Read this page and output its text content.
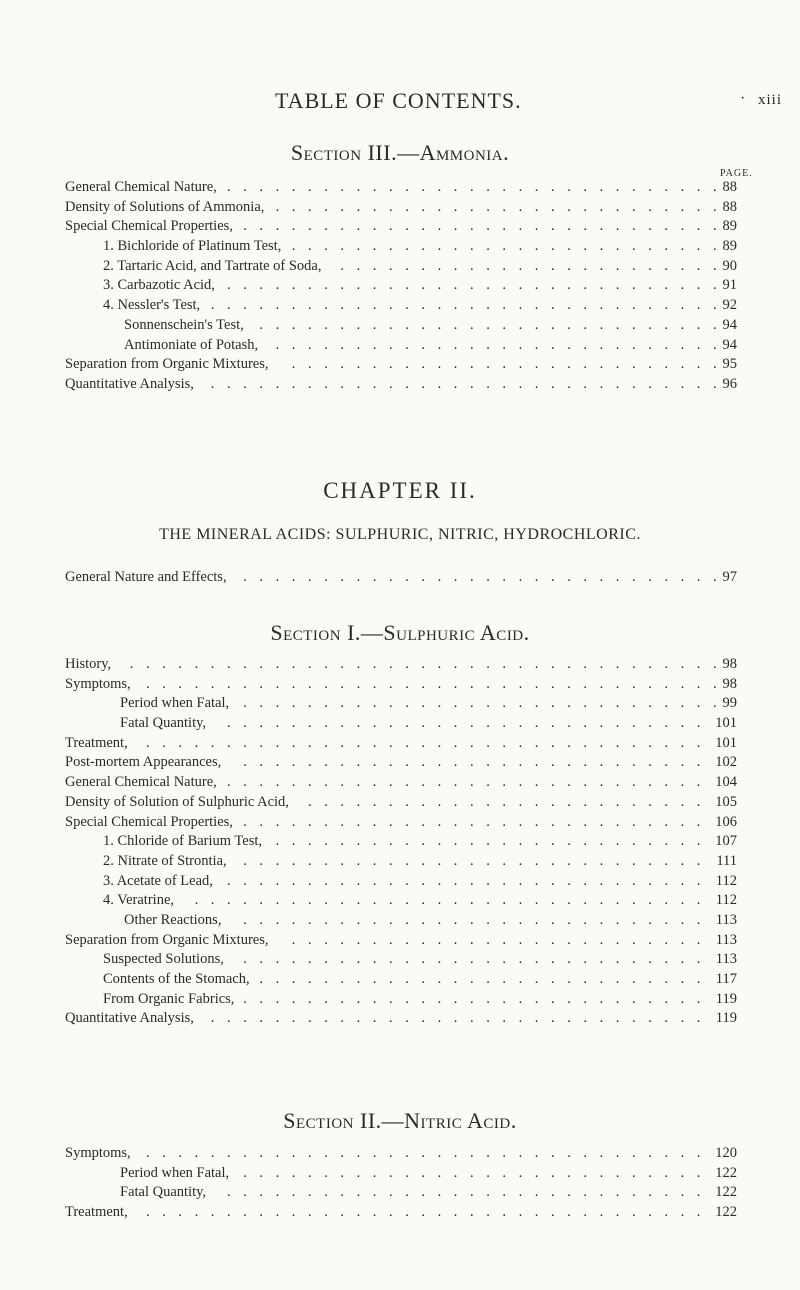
TABLE OF CONTENTS.	· xiii
Section III.—Ammonia.
PAGE.
. . . . . . . . . . . . . . . . . . . . . . . . . . . . . . .
General Chemical Nature,	88
. . . . . . . . . . . . . . . . . . . . . . . . . . . .
Density of Solutions of Ammonia,	88
. . . . . . . . . . . . . . . . . . . . . . . . . . . . . .
Special Chemical Properties,	89
. . . . . . . . . . . . . . . . . . . . . . . . . . .
1. Bichloride of Platinum Test,	89
. . . . . . . . . . . . . . . . . . . . . . . .
2. Tartaric Acid, and Tartrate of Soda,	90
. . . . . . . . . . . . . . . . . . . . . . . . . . . . . . .
3. Carbazotic Acid,	91
. . . . . . . . . . . . . . . . . . . . . . . . . . . . . . . .
4. Nessler's Test,	92
. . . . . . . . . . . . . . . . . . . . . . . . . . . . .
Sonnenschein's Test,	94
. . . . . . . . . . . . . . . . . . . . . . . . . . . .
Antimoniate of Potash,	94
. . . . . . . . . . . . . . . . . . . . . . . . . . .
Separation from Organic Mixtures,	95
. . . . . . . . . . . . . . . . . . . . . . . . . . . . . . . .
Quantitative Analysis,	96
CHAPTER II.
THE MINERAL ACIDS: SULPHURIC, NITRIC, HYDROCHLORIC.
. . . . . . . . . . . . . . . . . . . . . . . . . . . . . .
General Nature and Effects,	97
Section I.—Sulphuric Acid.
. . . . . . . . . . . . . . . . . . . . . . . . . . . . . . . . . . . . .
History,	98
. . . . . . . . . . . . . . . . . . . . . . . . . . . . . . . . . . . .
Symptoms,	98
. . . . . . . . . . . . . . . . . . . . . . . . . . . . . .
Period when Fatal,	99
. . . . . . . . . . . . . . . . . . . . . . . . . . . . . .
Fatal Quantity,	101
. . . . . . . . . . . . . . . . . . . . . . . . . . . . . . . . . . .
Treatment,	101
. . . . . . . . . . . . . . . . . . . . . . . . . . . . .
Post-mortem Appearances,	102
. . . . . . . . . . . . . . . . . . . . . . . . . . . . . .
General Chemical Nature,	104
. . . . . . . . . . . . . . . . . . . . . . . . .
Density of Solution of Sulphuric Acid,	105
. . . . . . . . . . . . . . . . . . . . . . . . . . . . .
Special Chemical Properties,	106
. . . . . . . . . . . . . . . . . . . . . . . . . . .
1. Chloride of Barium Test,	107
. . . . . . . . . . . . . . . . . . . . . . . . . . . . .
2. Nitrate of Strontia,	111
. . . . . . . . . . . . . . . . . . . . . . . . . . . . . .
3. Acetate of Lead,	112
. . . . . . . . . . . . . . . . . . . . . . . . . . . . . . . .
4. Veratrine,	112
. . . . . . . . . . . . . . . . . . . . . . . . . . . . .
Other Reactions,	113
. . . . . . . . . . . . . . . . . . . . . . . . . .
Separation from Organic Mixtures,	113
. . . . . . . . . . . . . . . . . . . . . . . . . . . . .
Suspected Solutions,	113
. . . . . . . . . . . . . . . . . . . . . . . . . . . .
Contents of the Stomach,	117
. . . . . . . . . . . . . . . . . . . . . . . . . . . . .
From Organic Fabrics,	119
. . . . . . . . . . . . . . . . . . . . . . . . . . . . . . .
Quantitative Analysis,	119
Section II.—Nitric Acid.
. . . . . . . . . . . . . . . . . . . . . . . . . . . . . . . . . . .
Symptoms,	120
. . . . . . . . . . . . . . . . . . . . . . . . . . . . .
Period when Fatal,	122
. . . . . . . . . . . . . . . . . . . . . . . . . . . . . .
Fatal Quantity,	122
. . . . . . . . . . . . . . . . . . . . . . . . . . . . . . . . . . .
Treatment,	122
